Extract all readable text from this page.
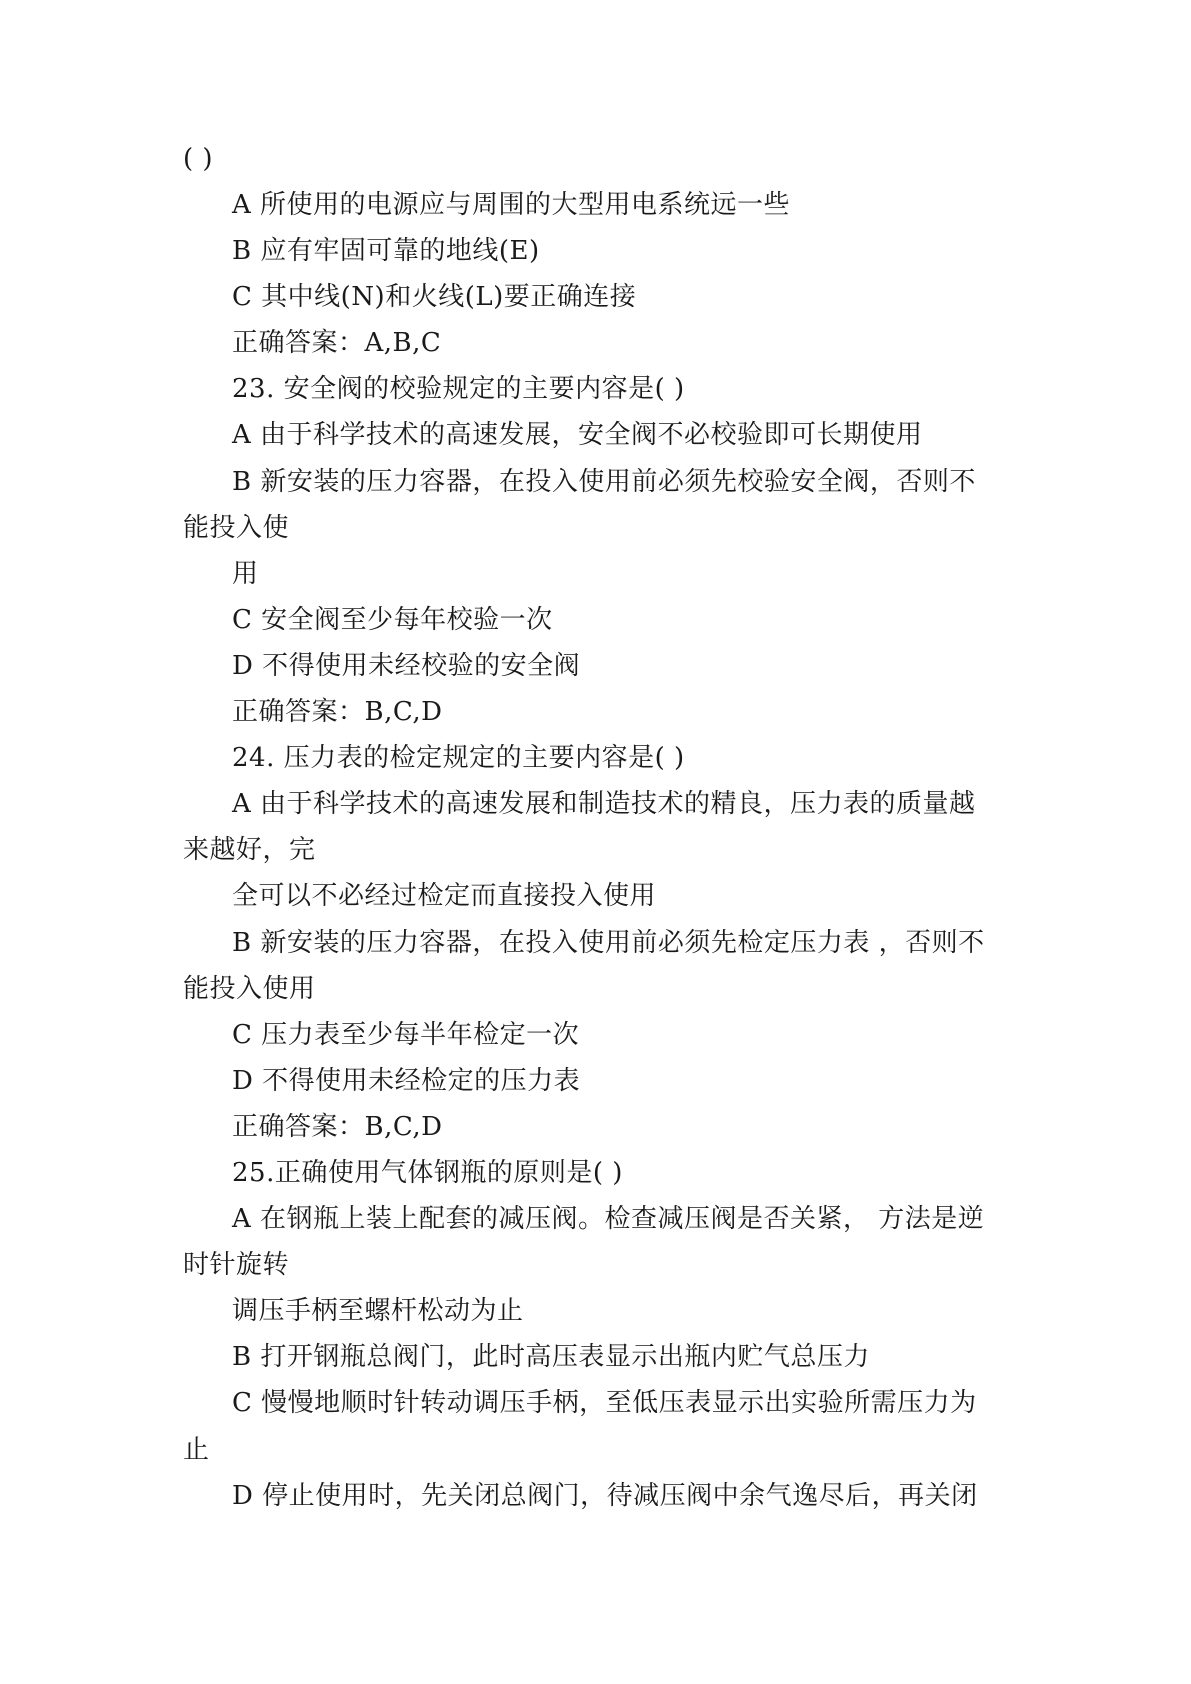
( )
A 所使用的电源应与周围的大型用电系统远一些
B 应有牢固可靠的地线(E)
C 其中线(N)和火线(L)要正确连接
正确答案：A,B,C
23. 安全阀的校验规定的主要内容是( )
A 由于科学技术的高速发展，安全阀不必校验即可长期使用
B 新安装的压力容器，在投入使用前必须先校验安全阀，否则不
能投入使
用
C 安全阀至少每年校验一次
D 不得使用未经校验的安全阀
正确答案：B,C,D
24. 压力表的检定规定的主要内容是( )
A 由于科学技术的高速发展和制造技术的精良，压力表的质量越
来越好，完
全可以不必经过检定而直接投入使用
B 新安装的压力容器，在投入使用前必须先检定压力表 ，否则不
能投入使用
C 压力表至少每半年检定一次
D 不得使用未经检定的压力表
正确答案：B,C,D
25.正确使用气体钢瓶的原则是( )
A 在钢瓶上装上配套的减压阀。检查减压阀是否关紧， 方法是逆
时针旋转
调压手柄至螺杆松动为止
B 打开钢瓶总阀门，此时高压表显示出瓶内贮气总压力
C 慢慢地顺时针转动调压手柄，至低压表显示出实验所需压力为
止
D 停止使用时，先关闭总阀门，待减压阀中余气逸尽后，再关闭
